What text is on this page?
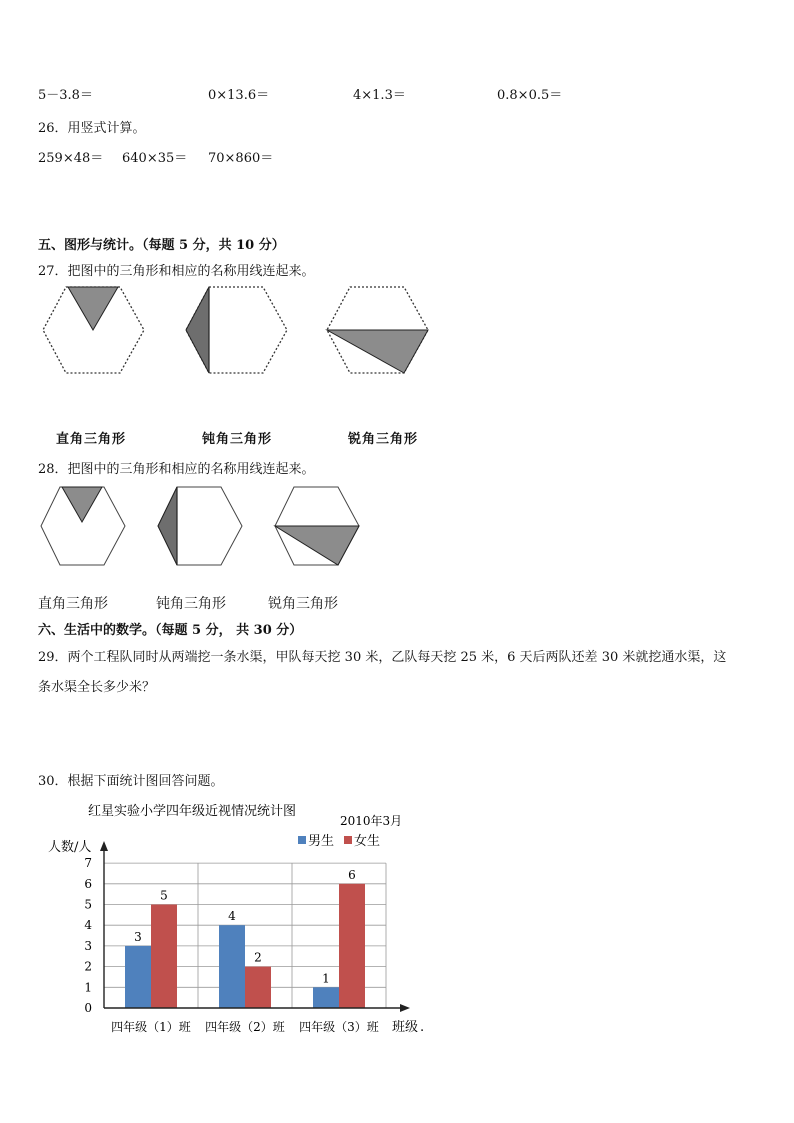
5－3.8＝	0×13.6＝	4×1.3＝	0.8×0.5＝
26．用竖式计算。
259×48＝ 640×35＝ 70×860＝
五、图形与统计。（每题 5 分，共 10 分）
27．把图中的三角形和相应的名称用线连起来。
直角三角形	钝角三角形	锐角三角形
28．把图中的三角形和相应的名称用线连起来。
直角三角形	钝角三角形	锐角三角形
六、生活中的数学。（每题 5 分， 共 30 分）
29．两个工程队同时从两端挖一条水渠，甲队每天挖 30 米，乙队每天挖 25 米，6 天后两队还差 30 米就挖通水渠，这
条水渠全长多少米？
30．根据下面统计图回答问题。
红星实验小学四年级近视情况统计图
2010年3月
男生 女生
人数/人
3
5
4
2
1
6
0
1
2
3
4
5
6
7
四年级（1）班 四年级（2）班 四年级（3）班 班级 .
